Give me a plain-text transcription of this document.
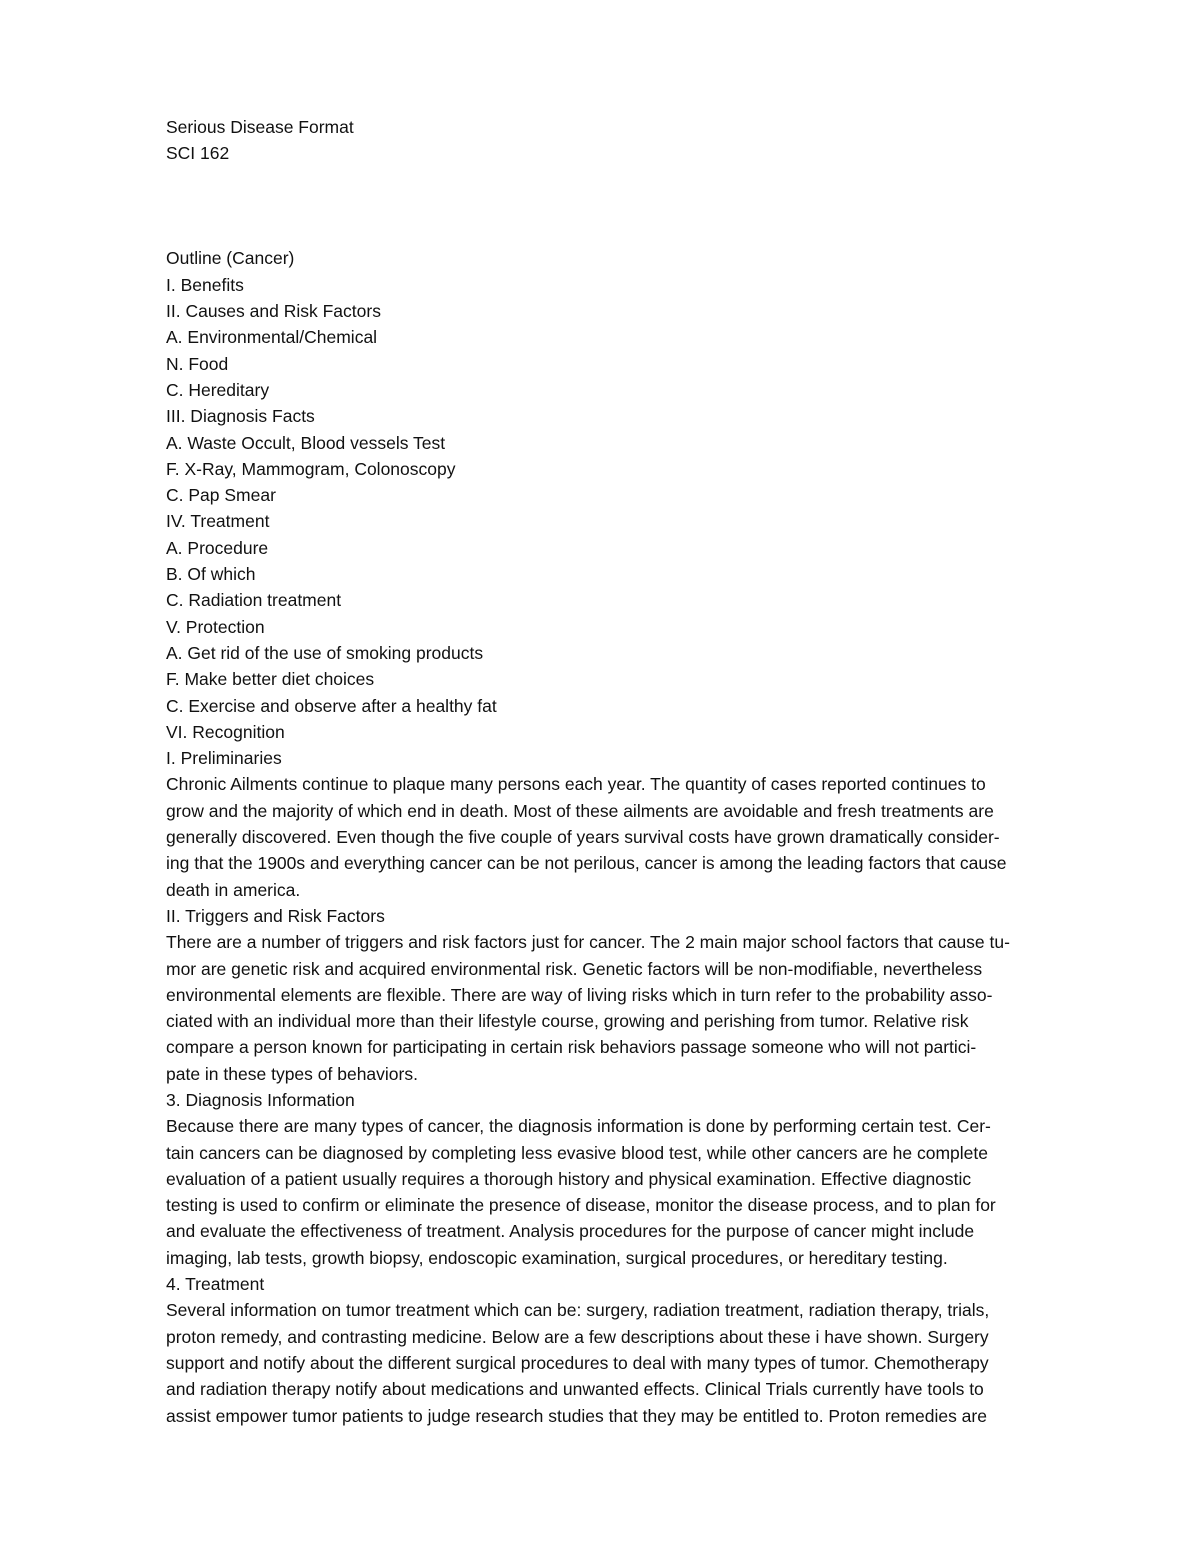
Serious Disease Format
SCI 162
Outline (Cancer)
I. Benefits
II. Causes and Risk Factors
A. Environmental/Chemical
N. Food
C. Hereditary
III. Diagnosis Facts
A. Waste Occult, Blood vessels Test
F. X-Ray, Mammogram, Colonoscopy
C. Pap Smear
IV. Treatment
A. Procedure
B. Of which
C. Radiation treatment
V. Protection
A. Get rid of the use of smoking products
F. Make better diet choices
C. Exercise and observe after a healthy fat
VI. Recognition
I. Preliminaries
Chronic Ailments continue to plaque many persons each year. The quantity of cases reported continues to
grow and the majority of which end in death. Most of these ailments are avoidable and fresh treatments are
generally discovered. Even though the five couple of years survival costs have grown dramatically consider-
ing that the 1900s and everything cancer can be not perilous, cancer is among the leading factors that cause
death in america.
II. Triggers and Risk Factors
There are a number of triggers and risk factors just for cancer. The 2 main major school factors that cause tu-
mor are genetic risk and acquired environmental risk. Genetic factors will be non-modifiable, nevertheless
environmental elements are flexible. There are way of living risks which in turn refer to the probability asso-
ciated with an individual more than their lifestyle course, growing and perishing from tumor. Relative risk
compare a person known for participating in certain risk behaviors passage someone who will not partici-
pate in these types of behaviors.
3. Diagnosis Information
Because there are many types of cancer, the diagnosis information is done by performing certain test. Cer-
tain cancers can be diagnosed by completing less evasive blood test, while other cancers are he complete
evaluation of a patient usually requires a thorough history and physical examination. Effective diagnostic
testing is used to confirm or eliminate the presence of disease, monitor the disease process, and to plan for
and evaluate the effectiveness of treatment. Analysis procedures for the purpose of cancer might include
imaging, lab tests, growth biopsy, endoscopic examination, surgical procedures, or hereditary testing.
4. Treatment
Several information on tumor treatment which can be: surgery, radiation treatment, radiation therapy, trials,
proton remedy, and contrasting medicine. Below are a few descriptions about these i have shown. Surgery
support and notify about the different surgical procedures to deal with many types of tumor. Chemotherapy
and radiation therapy notify about medications and unwanted effects. Clinical Trials currently have tools to
assist empower tumor patients to judge research studies that they may be entitled to. Proton remedies are
